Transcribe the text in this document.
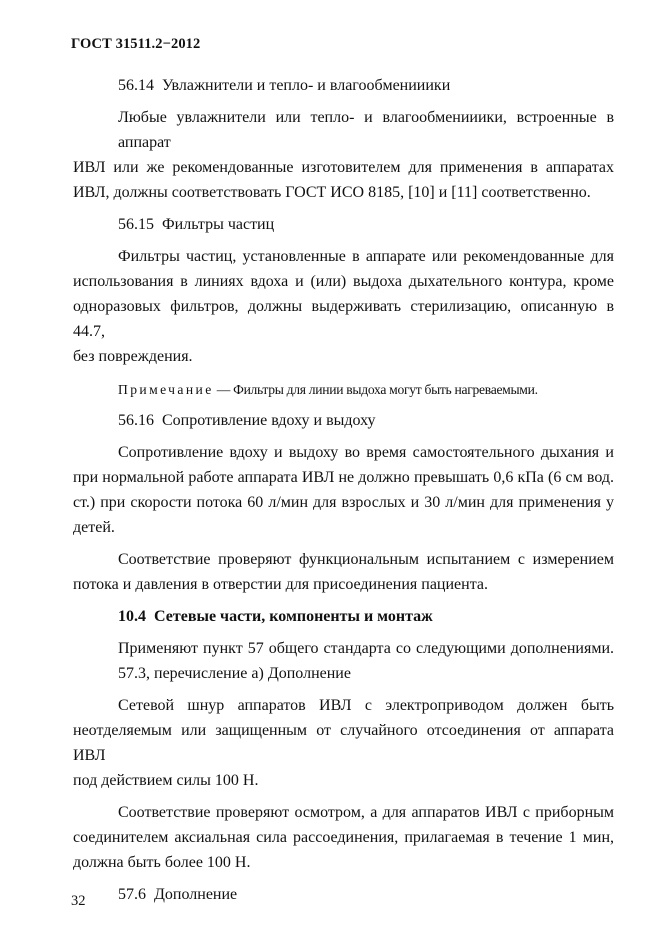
ГОСТ 31511.2−2012
56.14 Увлажнители и тепло- и влагообменииики
Любые увлажнители или тепло- и влагообменииики, встроенные в аппарат
ИВЛ или же рекомендованные изготовителем для применения в аппаратах
ИВЛ, должны соответствовать ГОСТ ИСО 8185, [10] и [11] соответственно.
56.15 Фильтры частиц
Фильтры частиц, установленные в аппарате или рекомендованные для
использования в линиях вдоха и (или) выдоха дыхательного контура, кроме
одноразовых фильтров, должны выдерживать стерилизацию, описанную в 44.7,
без повреждения.
Примечание — Фильтры для линии выдоха могут быть нагреваемыми.
56.16 Сопротивление вдоху и выдоху
Сопротивление вдоху и выдоху во время самостоятельного дыхания и
при нормальной работе аппарата ИВЛ не должно превышать 0,6 кПа (6 см вод.
ст.) при скорости потока 60 л/мин для взрослых и 30 л/мин для применения у
детей.
Соответствие проверяют функциональным испытанием с измерением
потока и давления в отверстии для присоединения пациента.
10.4 Сетевые части, компоненты и монтаж
Применяют пункт 57 общего стандарта со следующими дополнениями.
57.3, перечисление а) Дополнение
Сетевой шнур аппаратов ИВЛ с электроприводом должен быть
неотделяемым или защищенным от случайного отсоединения от аппарата ИВЛ
под действием силы 100 Н.
Соответствие проверяют осмотром, а для аппаратов ИВЛ с приборным
соединителем аксиальная сила рассоединения, прилагаемая в течение 1 мин,
должна быть более 100 Н.
57.6 Дополнение
32
